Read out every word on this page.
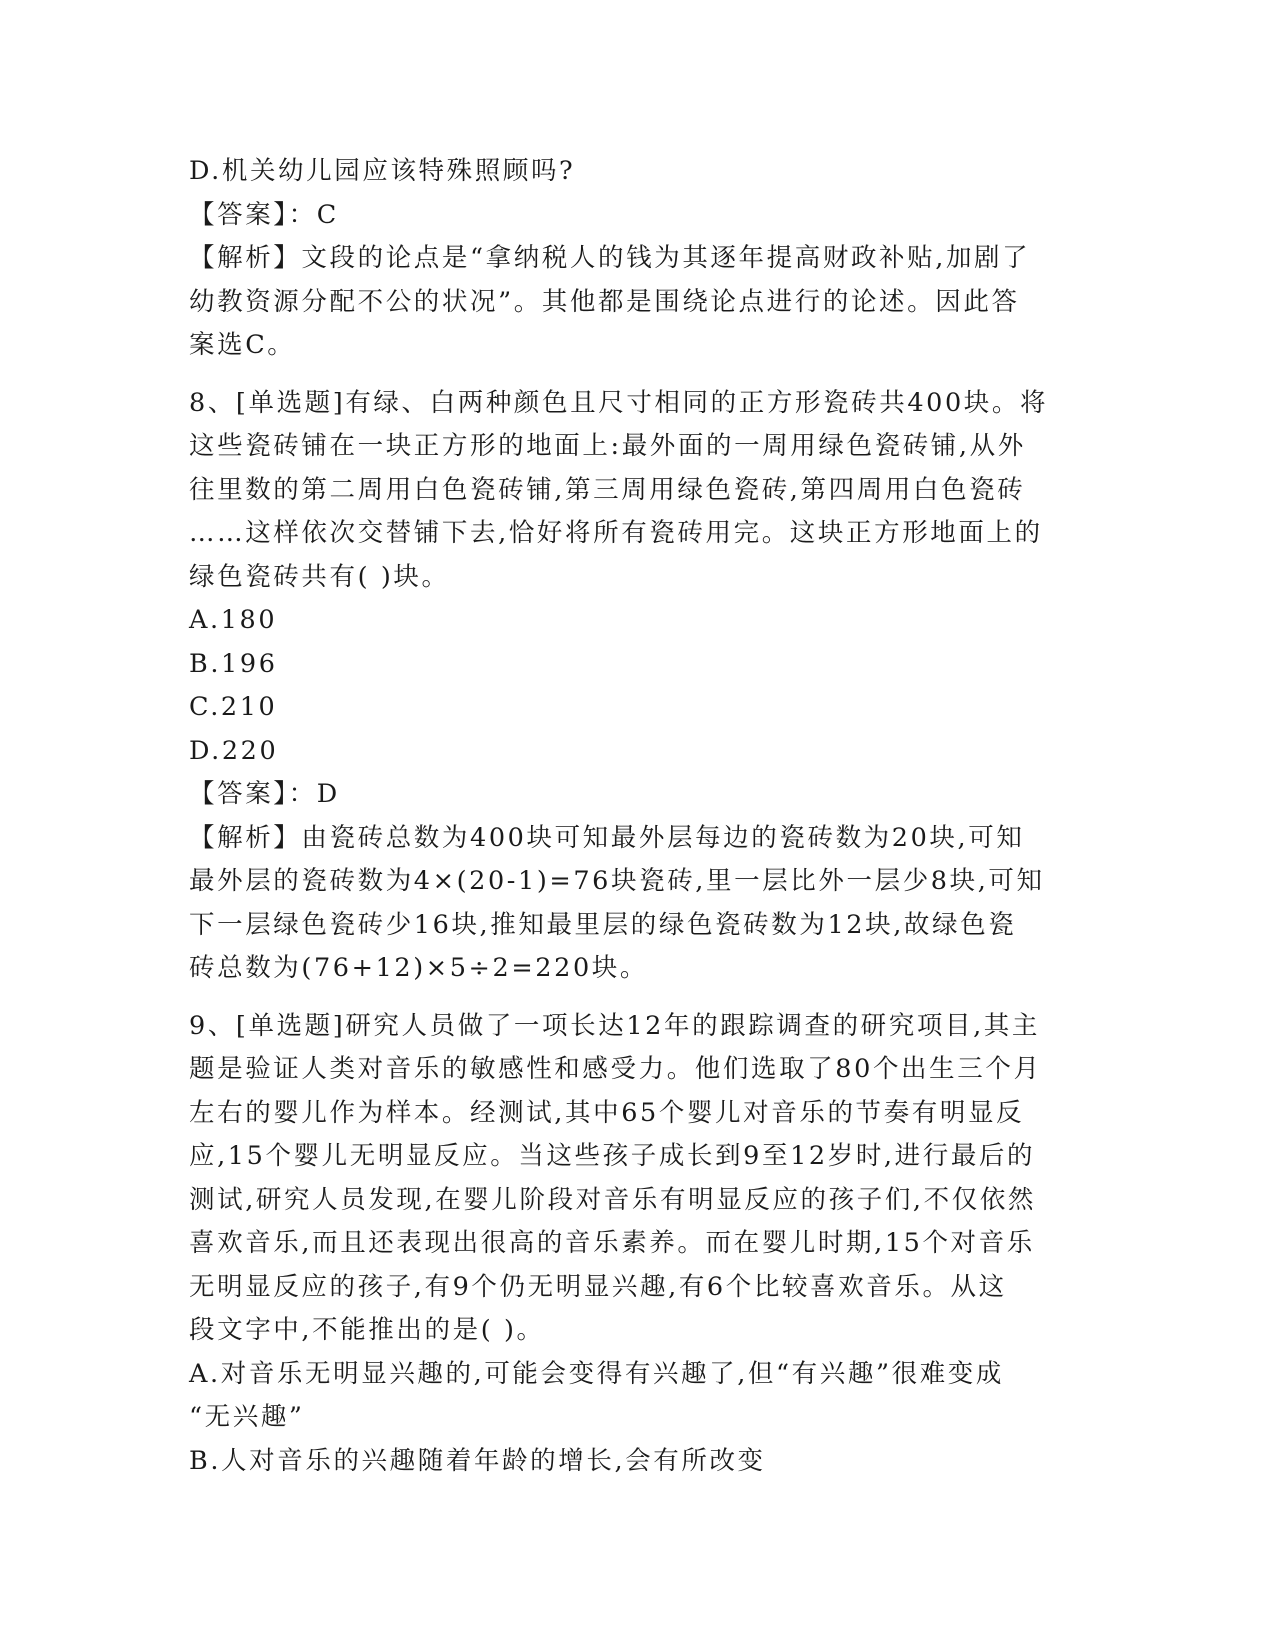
D.机关幼儿园应该特殊照顾吗?
【答案】：C
【解析】文段的论点是“拿纳税人的钱为其逐年提高财政补贴,加剧了
幼教资源分配不公的状况”。其他都是围绕论点进行的论述。因此答
案选C。
8、[单选题]有绿、白两种颜色且尺寸相同的正方形瓷砖共400块。将
这些瓷砖铺在一块正方形的地面上:最外面的一周用绿色瓷砖铺,从外
往里数的第二周用白色瓷砖铺,第三周用绿色瓷砖,第四周用白色瓷砖
……这样依次交替铺下去,恰好将所有瓷砖用完。这块正方形地面上的
绿色瓷砖共有( )块。
A.180
B.196
C.210
D.220
【答案】：D
【解析】由瓷砖总数为400块可知最外层每边的瓷砖数为20块,可知
最外层的瓷砖数为4×(20-1)=76块瓷砖,里一层比外一层少8块,可知
下一层绿色瓷砖少16块,推知最里层的绿色瓷砖数为12块,故绿色瓷
砖总数为(76+12)×5÷2=220块。
9、[单选题]研究人员做了一项长达12年的跟踪调查的研究项目,其主
题是验证人类对音乐的敏感性和感受力。他们选取了80个出生三个月
左右的婴儿作为样本。经测试,其中65个婴儿对音乐的节奏有明显反
应,15个婴儿无明显反应。当这些孩子成长到9至12岁时,进行最后的
测试,研究人员发现,在婴儿阶段对音乐有明显反应的孩子们,不仅依然
喜欢音乐,而且还表现出很高的音乐素养。而在婴儿时期,15个对音乐
无明显反应的孩子,有9个仍无明显兴趣,有6个比较喜欢音乐。从这
段文字中,不能推出的是( )。
A.对音乐无明显兴趣的,可能会变得有兴趣了,但“有兴趣”很难变成
“无兴趣”
B.人对音乐的兴趣随着年龄的增长,会有所改变
